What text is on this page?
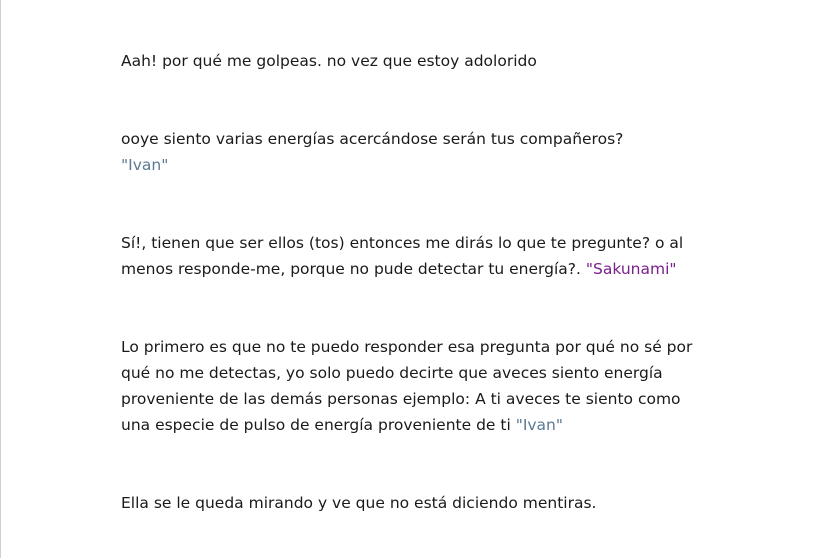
Aah! por qué me golpeas. no vez que estoy adolorido

ooye siento varias energías acercándose serán tus compañeros?
"Ivan"

Sí!, tienen que ser ellos (tos) entonces me dirás lo que te pregunte? o al
menos responde-me, porque no pude detectar tu energía?. "Sakunami"

Lo primero es que no te puedo responder esa pregunta por qué no sé por
qué no me detectas, yo solo puedo decirte que aveces siento energía
proveniente de las demás personas ejemplo: A ti aveces te siento como
una especie de pulso de energía proveniente de ti "Ivan"

Ella se le queda mirando y ve que no está diciendo mentiras.
